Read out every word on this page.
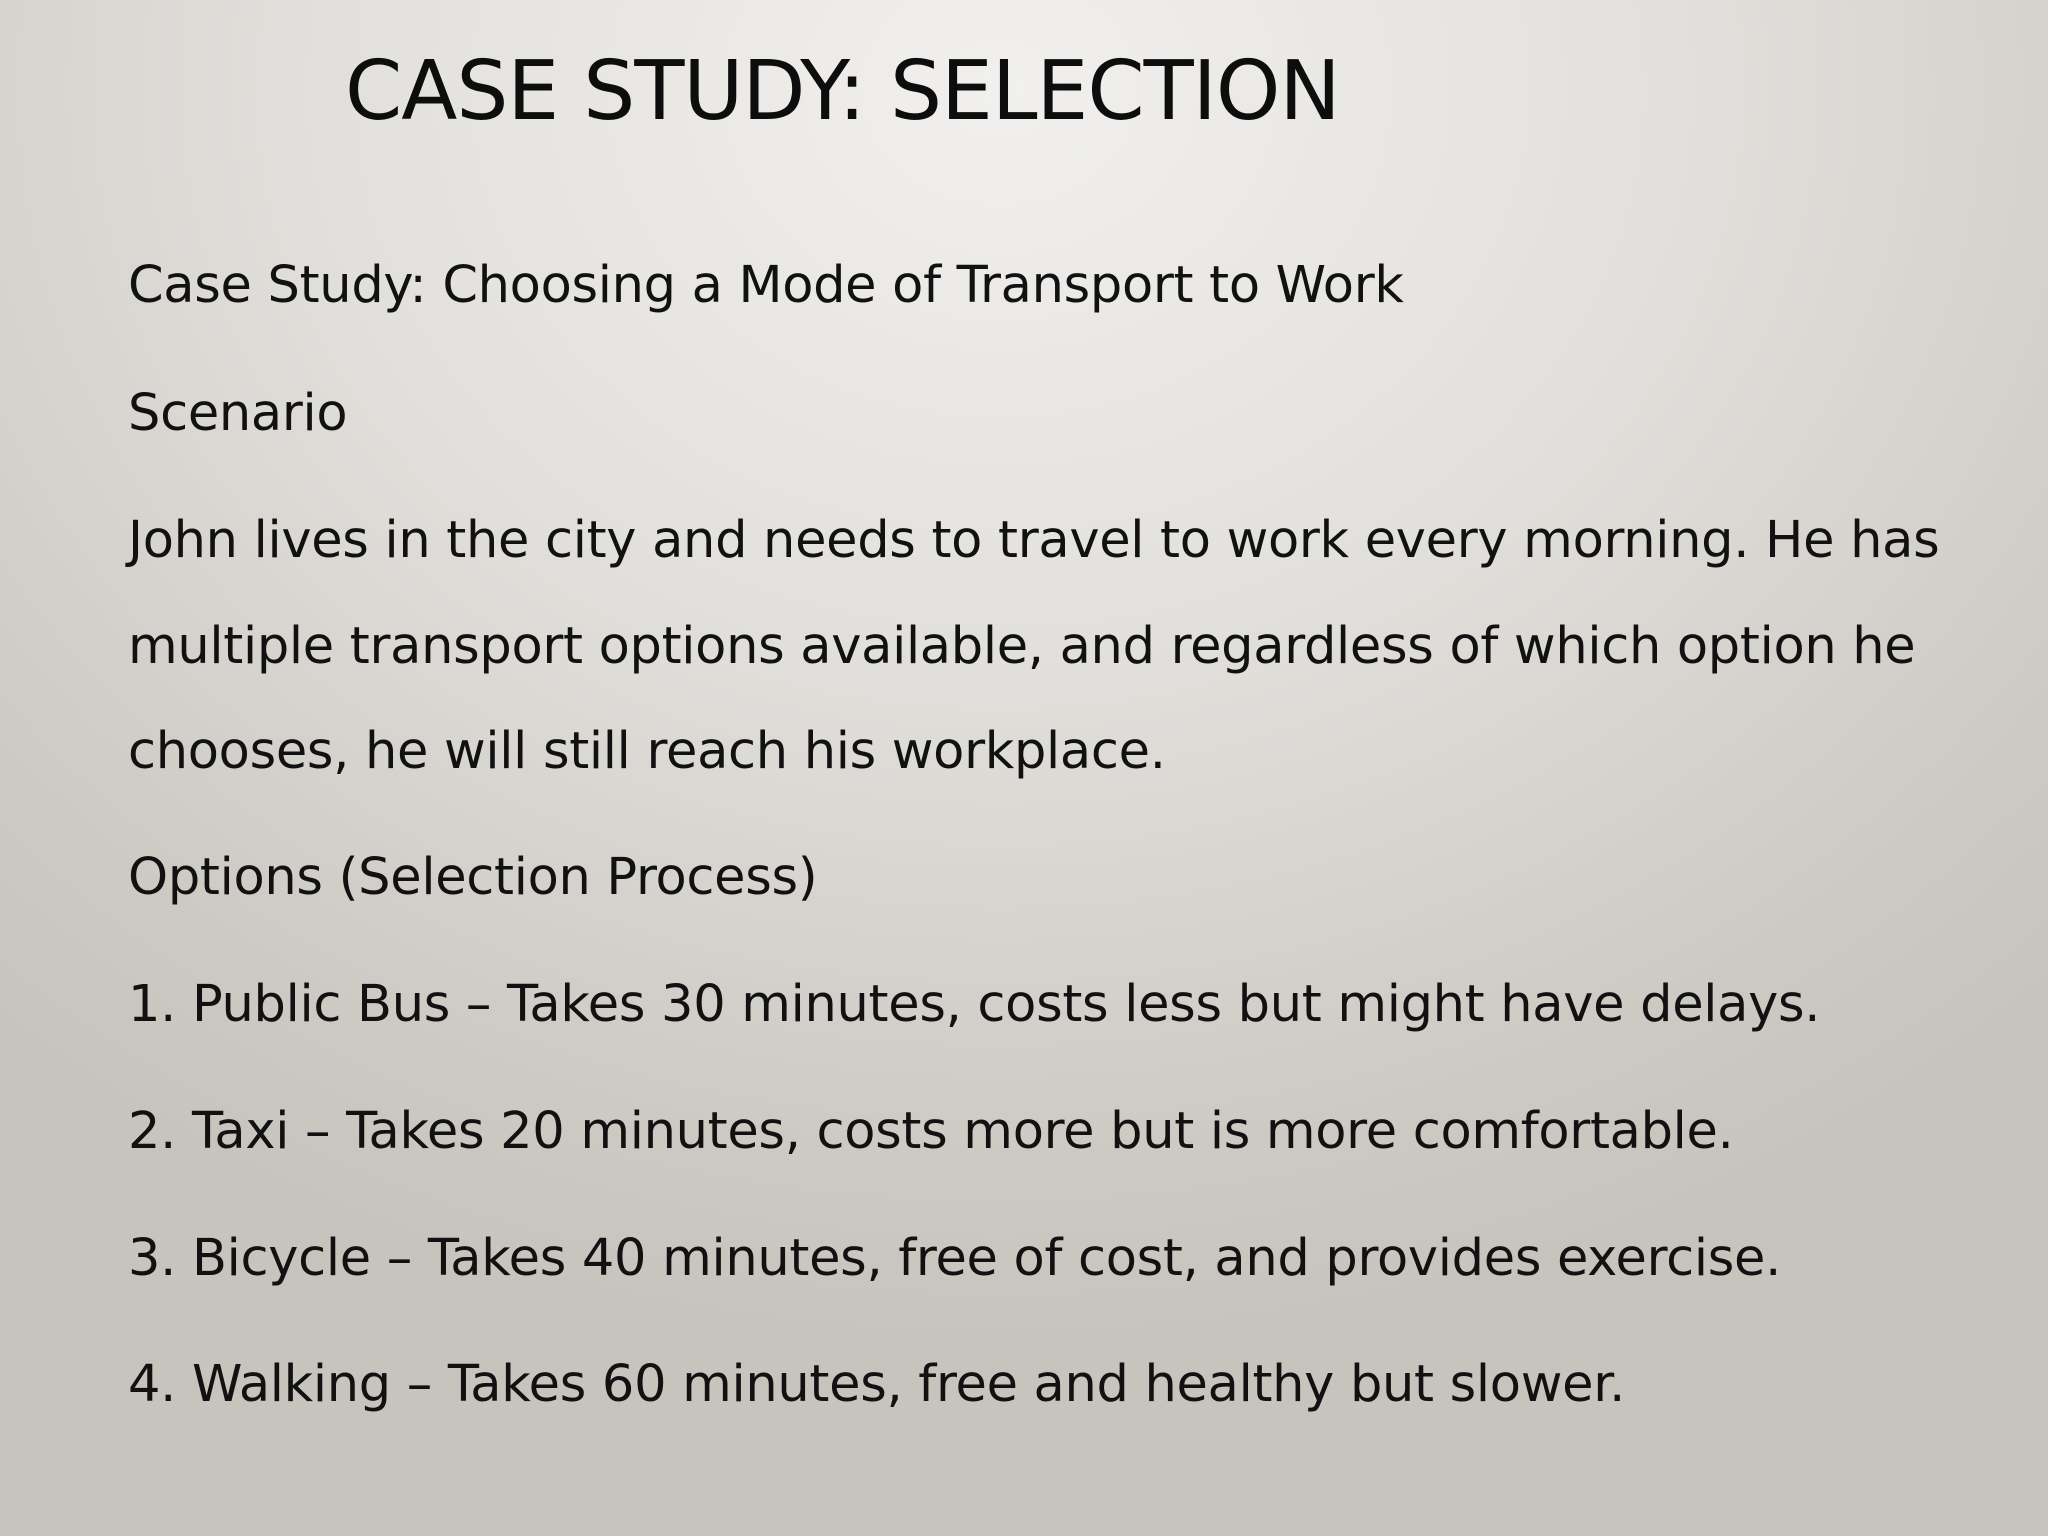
CASE STUDY: SELECTION
Case Study: Choosing a Mode of Transport to Work
Scenario
John lives in the city and needs to travel to work every morning. He has
multiple transport options available, and regardless of which option he
chooses, he will still reach his workplace.
Options (Selection Process)
1. Public Bus – Takes 30 minutes, costs less but might have delays.
2. Taxi – Takes 20 minutes, costs more but is more comfortable.
3. Bicycle – Takes 40 minutes, free of cost, and provides exercise.
4. Walking – Takes 60 minutes, free and healthy but slower.
